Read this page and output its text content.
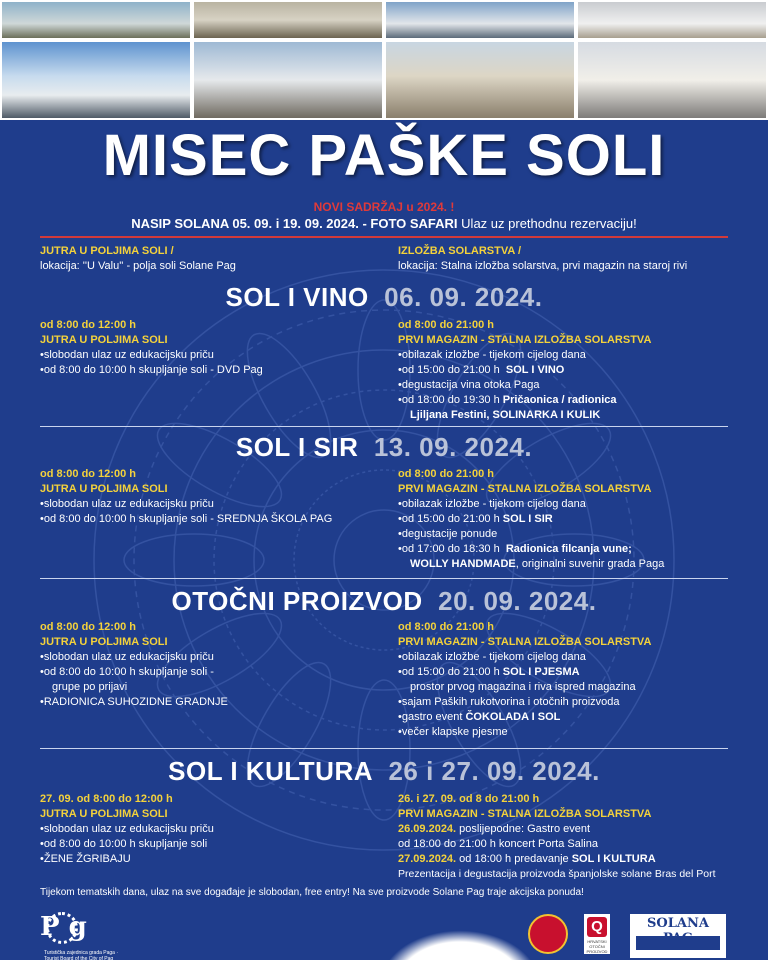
MISEC PAŠKE SOLI
NOVI SADRŽAJ u 2024. !
NASIP SOLANA 05. 09. i 19. 09. 2024. - FOTO SAFARI Ulaz uz prethodnu rezervaciju!
JUTRA U POLJIMA SOLI /
lokacija: ''U Valu'' - polja soli Solane Pag
IZLOŽBA SOLARSTVA /
lokacija: Stalna izložba solarstva, prvi magazin na staroj rivi
SOL I VINO 06. 09. 2024.
od 8:00 do 12:00 h
JUTRA U POLJIMA SOLI
• slobodan ulaz uz edukacijsku priču
• od 8:00 do 10:00 h skupljanje soli - DVD Pag
od 8:00 do 21:00 h
PRVI MAGAZIN - STALNA IZLOŽBA SOLARSTVA
• obilazak izložbe - tijekom cijelog dana
• od 15:00 do 21:00 h SOL I VINO
• degustacija vina otoka Paga
• od 18:00 do 19:30 h Pričaonica / radionica
Ljiljana Festini, SOLINARKA I KULIK
SOL I SIR 13. 09. 2024.
od 8:00 do 12:00 h
JUTRA U POLJIMA SOLI
• slobodan ulaz uz edukacijsku priču
• od 8:00 do 10:00 h skupljanje soli - SREDNJA ŠKOLA PAG
od 8:00 do 21:00 h
PRVI MAGAZIN - STALNA IZLOŽBA SOLARSTVA
• obilazak izložbe - tijekom cijelog dana
• od 15:00 do 21:00 h SOL I SIR
• degustacije ponude
• od 17:00 do 18:30 h Radionica filcanja vune;
WOLLY HANDMADE, originalni suvenir grada Paga
OTOČNI PROIZVOD 20. 09. 2024.
od 8:00 do 12:00 h
JUTRA U POLJIMA SOLI
• slobodan ulaz uz edukacijsku priču
• od 8:00 do 10:00 h skupljanje soli -
grupe po prijavi
• RADIONICA SUHOZIDNE GRADNJE
od 8:00 do 21:00 h
PRVI MAGAZIN - STALNA IZLOŽBA SOLARSTVA
• obilazak izložbe - tijekom cijelog dana
• od 15:00 do 21:00 h SOL I PJESMA
prostor prvog magazina i riva ispred magazina
• sajam Paških rukotvorina i otočnih proizvoda
• gastro event ČOKOLADA I SOL
• večer klapske pjesme
SOL I KULTURA 26 i 27. 09. 2024.
27. 09. od 8:00 do 12:00 h
JUTRA U POLJIMA SOLI
• slobodan ulaz uz edukacijsku priču
• od 8:00 do 10:00 h skupljanje soli
• ŽENE ŽGRIBAJU
26. i 27. 09. od 8 do 21:00 h
PRVI MAGAZIN - STALNA IZLOŽBA SOLARSTVA
26.09.2024. poslijepodne: Gastro event
od 18:00 do 21:00 h koncert Porta Salina
27.09.2024. od 18:00 h predavanje SOL I KULTURA
Prezentacija i degustacija proizvoda španjolske solane Bras del Port
Tijekom tematskih dana, ulaz na sve događaje je slobodan, free entry! Na sve proizvode Solane Pag traje akcijska ponuda!
P g
Turistička zajednica grada Paga · Tourist Board of the City of Pag
Q
HRVATSKI OTOČNI PROIZVOD
SOLANA
